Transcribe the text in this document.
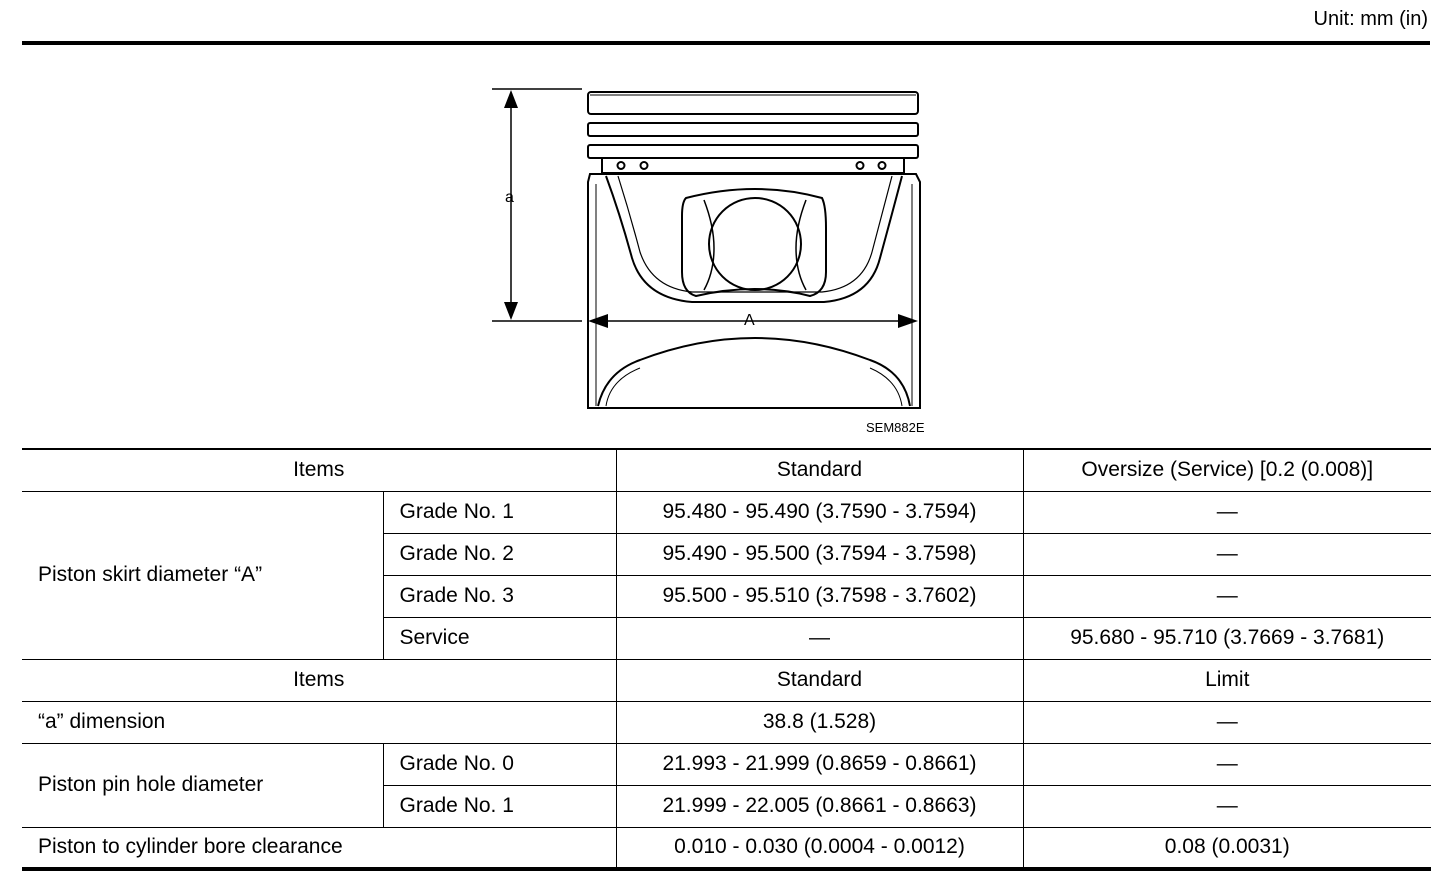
Unit: mm (in)
a
A
SEM882E
Items		Standard	Oversize (Service) [0.2 (0.008)]
Piston skirt diameter “A”	Grade No. 1	95.480 - 95.490 (3.7590 - 3.7594)	—
	Grade No. 2	95.490 - 95.500 (3.7594 - 3.7598)	—
	Grade No. 3	95.500 - 95.510 (3.7598 - 3.7602)	—
	Service	—	95.680 - 95.710 (3.7669 - 3.7681)
Items		Standard	Limit
“a” dimension		38.8 (1.528)	—
Piston pin hole diameter	Grade No. 0	21.993 - 21.999 (0.8659 - 0.8661)	—
	Grade No. 1	21.999 - 22.005 (0.8661 - 0.8663)	—
Piston to cylinder bore clearance		0.010 - 0.030 (0.0004 - 0.0012)	0.08 (0.0031)
